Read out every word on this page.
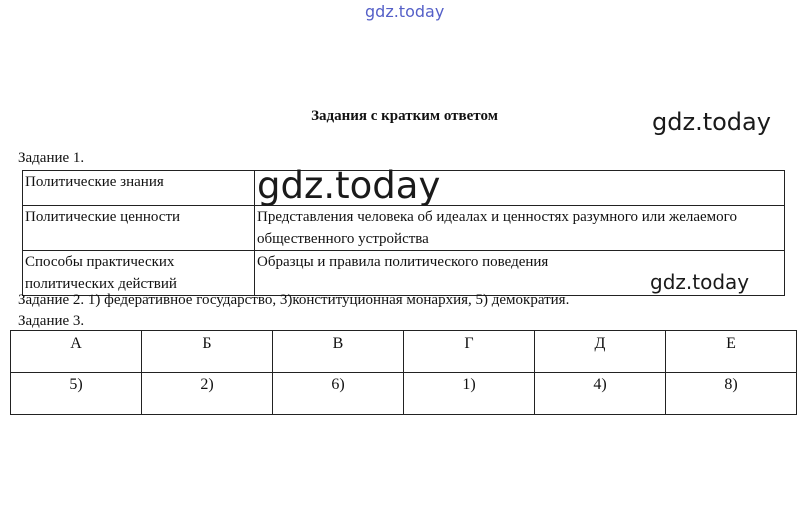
gdz.today
Задания с кратким ответом	gdz.today
Задание 1.
Политические знания	
Политические ценности	Представления человека об идеалах и ценностях разумного или желаемого общественного устройства
Способы практических политических действий	Образцы и правила политического поведения
gdz.today
gdz.today
Задание 2. 1) федеративное государство, 3)конституционная монархия, 5) демократия.
Задание 3.
А	Б	В	Г	Д	Е
5)	2)	6)	1)	4)	8)
